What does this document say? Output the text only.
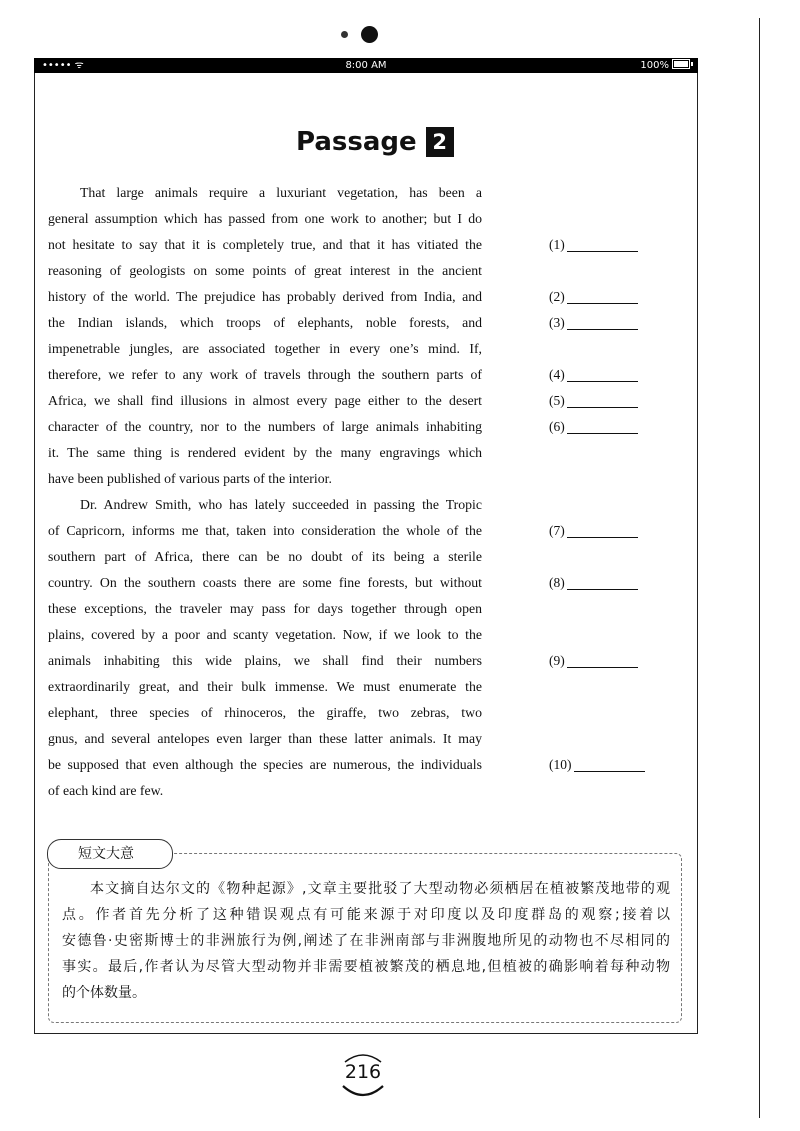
••••• ᯤ	8:00 AM	100%
Passage 2
That large animals require a luxuriant vegetation, has been a
general assumption which has passed from one work to another; but I do
not hesitate to say that it is completely true, and that it has vitiated the
reasoning of geologists on some points of great interest in the ancient
history of the world. The prejudice has probably derived from India, and
the Indian islands, which troops of elephants, noble forests, and
impenetrable jungles, are associated together in every one’s mind. If,
therefore, we refer to any work of travels through the southern parts of
Africa, we shall find illusions in almost every page either to the desert
character of the country, nor to the numbers of large animals inhabiting
it. The same thing is rendered evident by the many engravings which
have been published of various parts of the interior.
Dr. Andrew Smith, who has lately succeeded in passing the Tropic
of Capricorn, informs me that, taken into consideration the whole of the
southern part of Africa, there can be no doubt of its being a sterile
country. On the southern coasts there are some fine forests, but without
these exceptions, the traveler may pass for days together through open
plains, covered by a poor and scanty vegetation. Now, if we look to the
animals inhabiting this wide plains, we shall find their numbers
extraordinarily great, and their bulk immense. We must enumerate the
elephant, three species of rhinoceros, the giraffe, two zebras, two
gnus, and several antelopes even larger than these latter animals. It may
be supposed that even although the species are numerous, the individuals
of each kind are few.
(1)
(2)
(3)
(4)
(5)
(6)
(7)
(8)
(9)
(10)
短文大意
本文摘自达尔文的《物种起源》,文章主要批驳了大型动物必须栖居在植被繁茂地带的观
点。作者首先分析了这种错误观点有可能来源于对印度以及印度群岛的观察;接着以
安德鲁·史密斯博士的非洲旅行为例,阐述了在非洲南部与非洲腹地所见的动物也不尽相同的
事实。最后,作者认为尽管大型动物并非需要植被繁茂的栖息地,但植被的确影响着每种动物
的个体数量。
216
